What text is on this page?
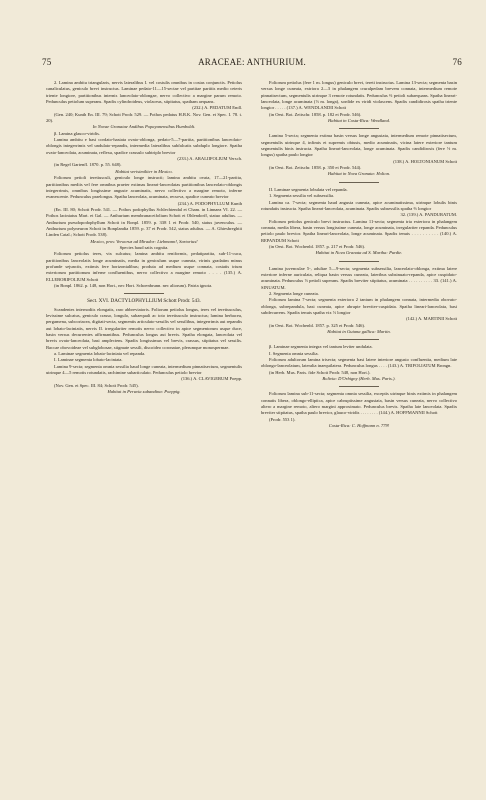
75	ARACEAE: ANTHURIUM.	76

2. Lamina ambitu triangularis, nervis lateralibus I. vel costulis omnibus in costas conjunctis. Petiolus canaliculatus, geniculo brevi instructus. Laminae pedato-11—15-sectae vel partitae partitis medio ceteris triente longiore, partitionibus internis lanceolato-oblongae, nervo collectivo a margine parum remoto. Pedunculus petiolum superans. Spadix cylindroideus, violaceus, stipitatus, spatham aequans.

(232.) A. PEDATUM Endl.

(Gen. 240; Kunth En. III. 79; Schott Prodr. 529. — Pothos pedatus H.B.K. Nov. Gen. et Spec. I. 78. t. 20).

In Novae Granatae Andibus Popayanensibus Humboldt.

β. Lamina glauco-viridis.

Lamina ambitu e basi cordato-hastata ovato-oblonga, pedato-5—7-partita, partitionibus lanceolato-oblongis integerrimis vel undulato-repandis, intermedia lateralibus subfalcatis subduplo longiore. Spatha ovato-lanceolata, acuminata, reflexa, spadice crassulo subtriplo brevior

(233.) A. ARALIIFOLIUM Versch.

(in Regel Gartenfl. 1870. p. 55. 648).

Habitat verisimiliter in Mexico.

Foliorum petioli teretiusculi, geniculo longe instructi; lamina ambitu ovata, 17—21-partita, partitionibus mediis vel fere omnibus praeter extimas lineari-lanceolatas partitionibus lanceolato-oblongis integerrimis, omnibus longissime anguste acuminatis, nervo collectivo a margine remoto, inferne evanescente. Pedunculus praelongus. Spatha lanceolata, acuminata, recurva, spadice cuneato brevior

(234.) A. PODOPHYLLUM Kunth

(En. III. 80; Schott Prodr. 541. — Pothos podophyllus Schlechtendal et Cham. in Linnaea VI. 22. — Pothos laciniatus Mart. et Gal. — Anthurium membranaceifolium Schott et Ohlendorff, statuo adultus. — Anthurium pseudopodophyllum Schott in Bonpl. 1859. p. 338 1 et Prodr. 540, status juvenculus. — Anthurium polyneuron Schott in Bonplandia 1859. p. 37 et Prodr. 542, status adultus. — A. Ghiesbreghtii Linden Catal.; Schott Prodr. 538).

Mexico, prov. Veracruz ad Mirador: Liebmann!, Sartorius!

Species haud satis cognita.

Foliorum petiolus teres, vix sulcatus; lamina ambitu reniformis, pedatipartita, sub-11-cuca, partitionibus lanceolatis longe acuminatis, media in geniculum usque cuneata, virinis gradatim minus profunde sejunctis, extimis fere horizontalibus; produta ad medium usque connata, costatis trium exteriorum partitionum inferne confluentibus, nervo collectivo a margine remoto . . . . (135.) A. ELLEBORIFOLIUM Schott

(in Bonpl. 1862. p. 148, non Hort., nec Hort. Schoenbrunn. nec aliorum). Patria ignota.

Sect. XVI. DACTYLOPHYLLIUM Schott Prodr. 543.

Scandentes internodiis elongatis, raro abbreviatoris. Foliorum petiolus longus, teres vel teretiusculus, levissime sulcatus, geniculo crasso, longulo, subaequali ac toto teretiusculo instructus; lamina herbacea, pergamena, subcoriacea, digitati-secta, segmentis articulato-sessilis vel sessilibus, integerrimis aut repandis aut lobato-laciniatis, nervis II. irregulariter remotis nervo collectivo in apice segmentorum usque duce, basin versus decurrentes affirmantibus. Pedunculus longus aut brevis. Spatha elongata, lanceolata vel brevis ovato-lanceolata, basi amplectens. Spadix longissimus vel brevis, crassus, stipitatus vel sessilis. Baccae obovoideae vel subglobosae, stigmate sessili, discoideo coronatae, plerumque monospermae.

a. Laminae segmenta lobato-laciniata vel repanda.

I. Laminae segmenta lobato-laciniata.

Lamina 9-secta; segmenta omnia sessilia haud longe cuneata, intermedium pinnatisectum, segmentulis utrinque 4—5 remotis rotundatis, rachimine subarticulato. Pedunculus petiolo brevior

(136.) A. CLAVIGERUM Poepp.

(Nov. Gen. et Spec. III. 84; Schott Prodr. 545).

Habitat in Peruvia subandina: Poeppig.

Foliorum petiolus (fere 1 m. longus) geniculo brevi, tereti instructus. Lamina 13-secta; segmenta basin versus longe cuneata, extriora 2—3 in phalangem cruralpedam brevem connata, intermedium remote pinnatisectum, segmentulis utrinque 3 remote rotundatis. Pedunculus ⅔ petioli subaequans. Spatha lineari-lanceolata, longe acuminata (⅓ m. longa), sordide ex viridi violascens. Spadix candidirosis spatha triente longior . . . . . (137.) A. WENDLANDII Schott

(in Oest. Bot. Zeitschr. 1858. p. 182 et Prodr. 546).

Habitat in Costa-Rica: Wendland.

Lamina 5-secta; segmenta extima basin versus longe angustata, intermedium remote pinnatisectum, segmentulis utrinque 4, infimis et supremis obtusis, medio acuminatis, vicina latere exteriore tantum segmentulis binis instructa. Spatha lineari-lanceolata, longe acuminata. Spadix candidirosis (fere ½ m. longus) spatha paulo longior

(138.) A. HOLTONIANUM Schott

(in Oest. Bot. Zeitschr. 1858. p. 350 et Prodr. 544).

Habitat in Nova Granata: Holton.

II. Laminae segmenta lobulata vel repanda.

1. Segmenta sessilia vel subsessilia.

Lamina ca. 7-secta; segmenta haud angusta cuneata, apice acuminatissima, utrinque lobulis binis rotundatis instructa. Spatha lineari-lanceolata, acuminata. Spadix subsessilis spatha ⅔ longior

32. (139.) A. PANDURATUM.

Foliorum petiolus geniculo brevi instructus. Lamina 11-secta; segmenta tria exteriora in phalangem connata, media libera, basin versus longissime cuneata, longe acuminata, irregulariter repanda. Pedunculus petiolo paulo brevior. Spatha lineari-lanceolata, longe acuminata. Spadix tenuis . . . . . . . . . . (140.) A. REPANDUM Schott

(in Oest. Bot. Wochenbl. 1857. p. 217 et Prodr. 546).

Habitat in Nova Granata ad S. Martha: Purdie.

Lamina juvenculae 5-, adultae 5—9-secta; segmenta subsessilia, lanceolato-oblonga, extima latere exteriore inferne auriculata, reliqua basin versus cuneata, lateribus subsinuato-repanda, apice cuspidato-acuminata. Pedunculus ⅓ petioli superans. Spadix breviter stipitatus, acuminata . . . . . . . . . . 33. (141.) A. SINUATUM.

2. Segmenta longe cuneata.

Foliorum lamina 7-secta; segmenta exteriora 2 tantum in phalangem connata, intermedia obovato-oblonga, subrepandula, basi cuneata, apice abrupte breviter-cuspidata. Spatha lineari-lanceolata, basi subdecurrens. Spadix tenuis spatha vix ⅓ longior

(142.) A. MARTINII Schott

(in Oest. Bot. Wochenbl. 1857. p. 325 et Prodr. 546).

Habitat in Guiana gallica: Martin.

β. Laminae segmenta integra vel tantum leviter undulata.

I. Segmenta omnia sessilia.

Foliorum adultorum lamina trisecta; segmenta basi latere interiore angusto confluentia, medium late oblongo-lanceolatum, lateralia inaequilatera. Pedunculus longus . . . . (143.) A. TRIFOLIATUM Brongn.

(in Herb. Mus. Paris. fide Schott Prodr. 548, non Hort.).

Bolivia: D'Orbigny (Herb. Mus. Paris.).

Foliorum lamina sub-11-secta; segmenta omnia sessilia, exceptis utrinque binis extimis in phalangem connatis libera, oblongo-elliptica, apice cabruptissime angustata, basin versus cuneata, nervo collectivo altero a margine remoto, altero margini approximato. Pedunculus brevis. Spatha late lanceolata. Spadix breviter stipitatus, spatha paulo brevior, glauco-viridis . . . . . . . . (144.) A. HOFFMANNII Schott

(Prodr. 553 1).

Costa-Rica: C. Hoffmann n. 779!
